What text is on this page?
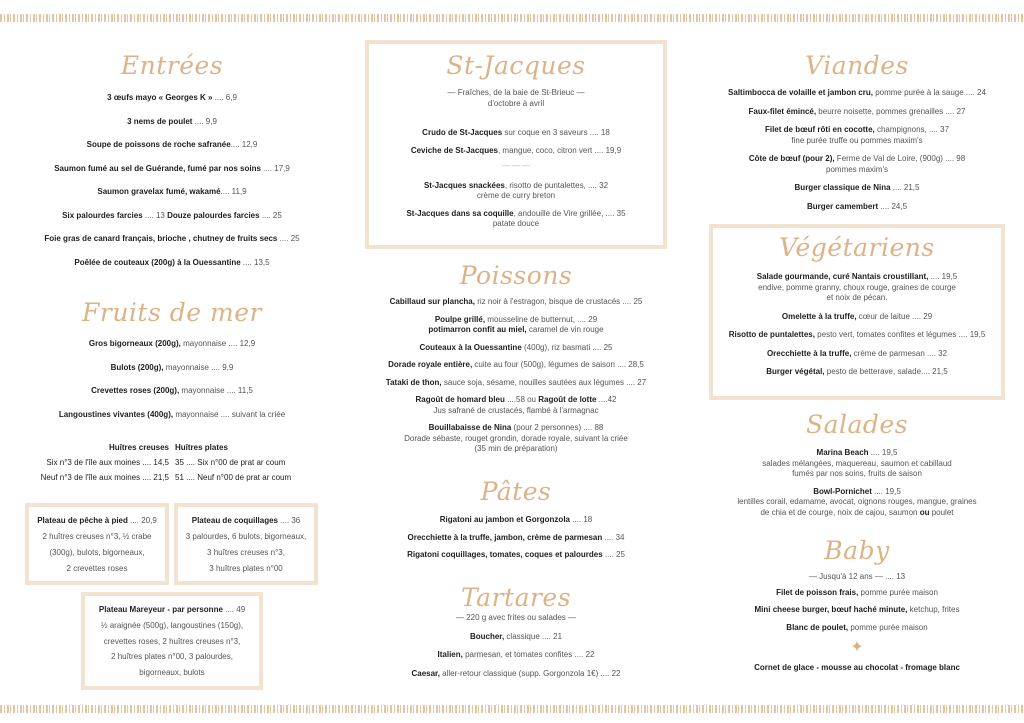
Entrées
3 œufs mayo « Georges K » .... 6,9
3 nems de poulet .... 9,9
Soupe de poissons de roche safranée.... 12,9
Saumon fumé au sel de Guérande, fumé par nos soins .... 17,9
Saumon gravelax fumé, wakamé.... 11,9
Six palourdes farcies .... 13 Douze palourdes farcies .... 25
Foie gras de canard français, brioche , chutney de fruits secs .... 25
Poêlée de couteaux (200g) à la Ouessantine .... 13,5
Fruits de mer
Gros bigorneaux (200g), mayonnaise .... 12,9
Bulots (200g), mayonnaise .... 9,9
Crevettes roses (200g), mayonnaise .... 11,5
Langoustines vivantes (400g), mayonnaise .... suivant la criée
Huîtres creuses Huîtres plates
Six n°3 de l'île aux moines .... 14,5 35 .... Six n°00 de prat ar coum
Neuf n°3 de l'île aux moines .... 21,5 51 .... Neuf n°00 de prat ar coum
Plateau de pêche à pied .... 20,9
2 huîtres creuses n°3, ½ crabe
(300g), bulots, bigorneaux,
2 crevettes roses
Plateau de coquillages .... 36
3 palourdes, 6 bulots, bigorneaux,
3 huîtres creuses n°3,
3 huîtres plates n°00
Plateau Mareyeur - par personne .... 49
½ araignée (500g), langoustines (150g),
crevettes roses, 2 huîtres creuses n°3,
2 huîtres plates n°00, 3 palourdes,
bigorneaux, bulots
St-Jacques
— Fraîches, de la baie de St-Brieuc —
d'octobre à avril
Crudo de St-Jacques sur coque en 3 saveurs .... 18
Ceviche de St-Jacques, mangue, coco, citron vert .... 19,9
— — —
St-Jacques snackées, risotto de puntalettes, .... 32
crème de curry breton
St-Jacques dans sa coquille, andouille de Vire grillée, .... 35
patate douce
Poissons
Cabillaud sur plancha, riz noir à l'estragon, bisque de crustacés .... 25
Poulpe grillé, mousseline de butternut, .... 29
potimarron confit au miel, caramel de vin rouge
Couteaux à la Ouessantine (400g), riz basmati .... 25
Dorade royale entière, cuite au four (500g), légumes de saison .... 28,5
Tataki de thon, sauce soja, sésame, nouilles sautées aux légumes .... 27
Ragoût de homard bleu ....58 ou Ragoût de lotte ....42
Jus safrané de crustacés, flambé à l'armagnac
Bouillabaisse de Nina (pour 2 personnes) .... 88
Dorade sébaste, rouget grondin, dorade royale, suivant la criée
(35 min de préparation)
Pâtes
Rigatoni au jambon et Gorgonzola .... 18
Orecchiette à la truffe, jambon, crème de parmesan .... 34
Rigatoni coquillages, tomates, coques et palourdes .... 25
Tartares
— 220 g avec frites ou salades —
Boucher, classique .... 21
Italien, parmesan, et tomates confites .... 22
Caesar, aller-retour classique (supp. Gorgonzola 1€) .... 22
Viandes
Saltimbocca de volaille et jambon cru, pomme purée à la sauge .... 24
Faux-filet émincé, beurre noisette, pommes grenailles .... 27
Filet de bœuf rôti en cocotte, champignons, .... 37
fine purée truffe ou pommes maxim's
Côte de bœuf (pour 2), Ferme de Val de Loire, (900g) .... 98
pommes maxim's
Burger classique de Nina .... 21,5
Burger camembert .... 24,5
Végétariens
Salade gourmande, curé Nantais croustillant, .... 19,5
endive, pomme granny, choux rouge, graines de courge
et noix de pécan.
Omelette à la truffe, cœur de laitue .... 29
Risotto de puntalettes, pesto vert, tomates confites et légumes .... 19,5
Orecchiette à la truffe, crème de parmesan .... 32
Burger végétal, pesto de betterave, salade.... 21,5
Salades
Marina Beach .... 19,5
salades mélangées, maquereau, saumon et cabillaud
fumés par nos soins, fruits de saison
Bowl-Pornichet .... 19,5
lentilles corail, edamame, avocat, oignons rouges, mangue, graines
de chia et de courge, noix de cajou, saumon ou poulet
Baby
— Jusqu'à 12 ans — .... 13
Filet de poisson frais, pomme purée maison
Mini cheese burger, bœuf haché minute, ketchup, frites
Blanc de poulet, pomme purée maison
✦
Cornet de glace - mousse au chocolat - fromage blanc
